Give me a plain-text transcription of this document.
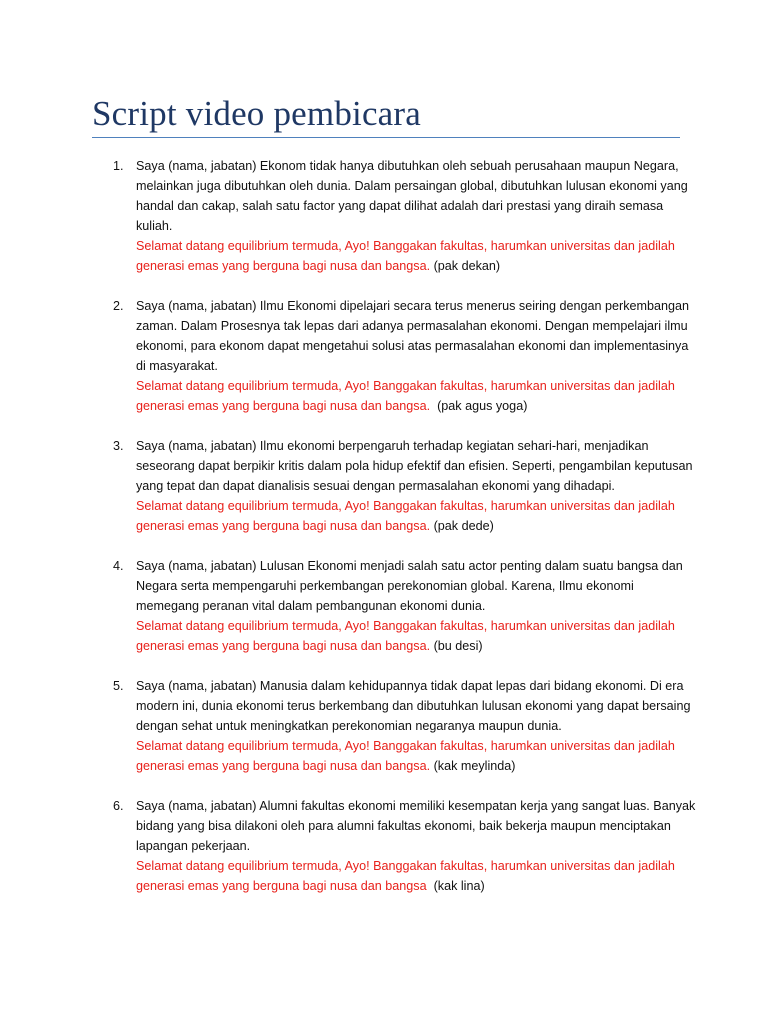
Script video pembicara
1. Saya (nama, jabatan) Ekonom tidak hanya dibutuhkan oleh sebuah perusahaan maupun Negara, melainkan juga dibutuhkan oleh dunia. Dalam persaingan global, dibutuhkan lulusan ekonomi yang handal dan cakap, salah satu factor yang dapat dilihat adalah dari prestasi yang diraih semasa kuliah.
Selamat datang equilibrium termuda, Ayo! Banggakan fakultas, harumkan universitas dan jadilah generasi emas yang berguna bagi nusa dan bangsa. (pak dekan)
2. Saya (nama, jabatan) Ilmu Ekonomi dipelajari secara terus menerus seiring dengan perkembangan zaman. Dalam Prosesnya tak lepas dari adanya permasalahan ekonomi. Dengan mempelajari ilmu ekonomi, para ekonom dapat mengetahui solusi atas permasalahan ekonomi dan implementasinya di masyarakat.
Selamat datang equilibrium termuda, Ayo! Banggakan fakultas, harumkan universitas dan jadilah generasi emas yang berguna bagi nusa dan bangsa.  (pak agus yoga)
3. Saya (nama, jabatan) Ilmu ekonomi berpengaruh terhadap kegiatan sehari-hari, menjadikan seseorang dapat berpikir kritis dalam pola hidup efektif dan efisien. Seperti, pengambilan keputusan yang tepat dan dapat dianalisis sesuai dengan permasalahan ekonomi yang dihadapi.
Selamat datang equilibrium termuda, Ayo! Banggakan fakultas, harumkan universitas dan jadilah generasi emas yang berguna bagi nusa dan bangsa. (pak dede)
4. Saya (nama, jabatan) Lulusan Ekonomi menjadi salah satu actor penting dalam suatu bangsa dan Negara serta mempengaruhi perkembangan perekonomian global. Karena, Ilmu ekonomi memegang peranan vital dalam pembangunan ekonomi dunia.
Selamat datang equilibrium termuda, Ayo! Banggakan fakultas, harumkan universitas dan jadilah generasi emas yang berguna bagi nusa dan bangsa. (bu desi)
5. Saya (nama, jabatan) Manusia dalam kehidupannya tidak dapat lepas dari bidang ekonomi. Di era modern ini, dunia ekonomi terus berkembang dan dibutuhkan lulusan ekonomi yang dapat bersaing dengan sehat untuk meningkatkan perekonomian negaranya maupun dunia.
Selamat datang equilibrium termuda, Ayo! Banggakan fakultas, harumkan universitas dan jadilah generasi emas yang berguna bagi nusa dan bangsa. (kak meylinda)
6. Saya (nama, jabatan) Alumni fakultas ekonomi memiliki kesempatan kerja yang sangat luas. Banyak bidang yang bisa dilakoni oleh para alumni fakultas ekonomi, baik bekerja maupun menciptakan lapangan pekerjaan.
Selamat datang equilibrium termuda, Ayo! Banggakan fakultas, harumkan universitas dan jadilah generasi emas yang berguna bagi nusa dan bangsa  (kak lina)
